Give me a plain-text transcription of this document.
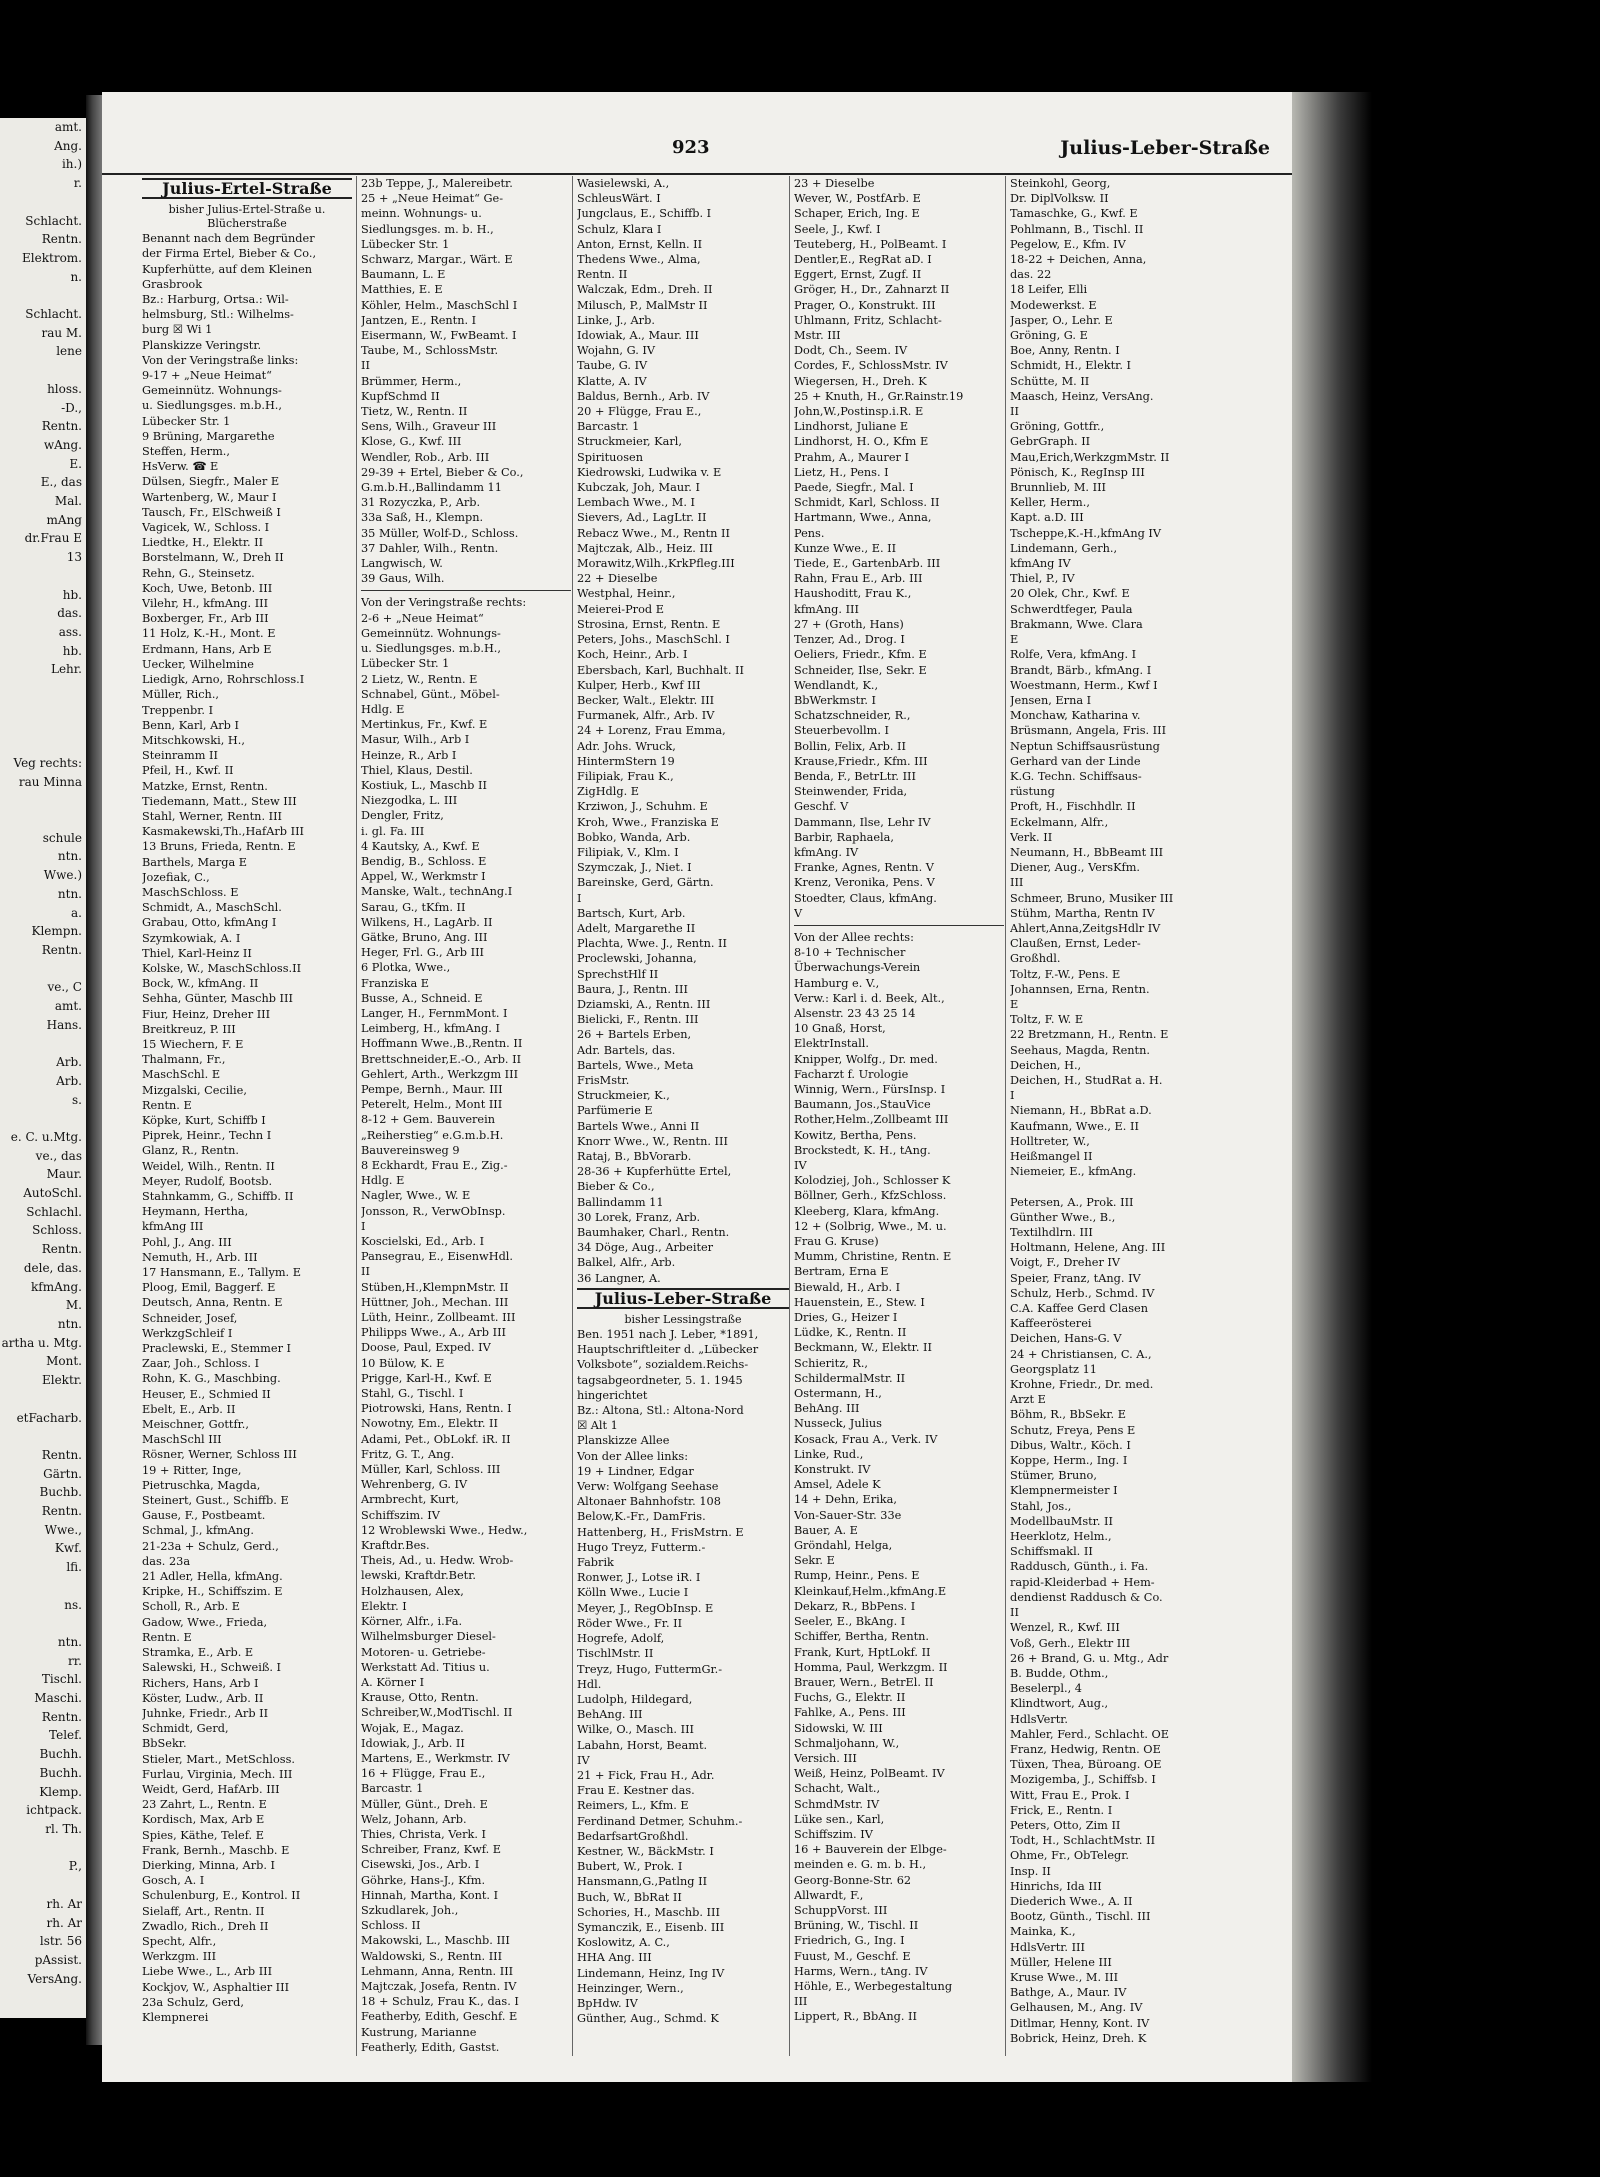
amt.
Ang.
ih.)
r.

Schlacht.
Rentn.
Elektrom.
n.

Schlacht.
rau M.
lene

hloss.
-D.,
Rentn.
wAng.
E.
E., das
Mal.
mAng
dr.Frau E
13

hb.
das.
ass.
hb.
Lehr.

Veg rechts:
rau Minna

schule
ntn.
Wwe.)
ntn.
a.
Klempn.
Rentn.

ve., C
amt.
Hans.

Arb.
Arb.
s.

e. C. u.Mtg.
ve., das
Maur.
AutoSchl.
Schlachl.
Schloss.
Rentn.
dele, das.
kfmAng.
M.
ntn.
artha u. Mtg.
Mont.
Elektr.

etFacharb.

Rentn.
Gärtn.
Buchb.
Rentn.
Wwe.,
Kwf.
lfi.

ns.

ntn.
rr.
Tischl.
Maschi.
Rentn.
Telef.
Buchh.
Buchh.
Klemp.
ichtpack.
rl. Th.

P.,

rh. Ar
rh. Ar
lstr. 56
pAssist.
VersAng.
923	Julius-Leber-Straße
Julius-Ertel-Straße
bisher Julius-Ertel-Straße u.
Blücherstraße
Benannt nach dem Begründer
der Firma Ertel, Bieber & Co.,
Kupferhütte, auf dem Kleinen
Grasbrook
Bz.: Harburg, Ortsa.: Wil-
helmsburg, Stl.: Wilhelms-
burg ☒ Wi 1
Planskizze Veringstr.
Von der Veringstraße links:
9-17 + „Neue Heimat“
Gemeinnütz. Wohnungs-
u. Siedlungsges. m.b.H.,
Lübecker Str. 1
9 Brüning, Margarethe
Steffen, Herm.,
HsVerw. ☎ E
Dülsen, Siegfr., Maler E
Wartenberg, W., Maur I
Tausch, Fr., ElSchweiß I
Vagicek, W., Schloss. I
Liedtke, H., Elektr. II
Borstelmann, W., Dreh II
Rehn, G., Steinsetz.
Koch, Uwe, Betonb. III
Vilehr, H., kfmAng. III
Boxberger, Fr., Arb III
11 Holz, K.-H., Mont. E
Erdmann, Hans, Arb E
Uecker, Wilhelmine
Liedigk, Arno, Rohrschloss.I
Müller, Rich.,
Treppenbr. I
Benn, Karl, Arb I
Mitschkowski, H.,
Steinramm II
Pfeil, H., Kwf. II
Matzke, Ernst, Rentn.
Tiedemann, Matt., Stew III
Stahl, Werner, Rentn. III
Kasmakewski,Th.,HafArb III
13 Bruns, Frieda, Rentn. E
Barthels, Marga E
Jozefiak, C.,
MaschSchloss. E
Schmidt, A., MaschSchl.
Grabau, Otto, kfmAng I
Szymkowiak, A. I
Thiel, Karl-Heinz II
Kolske, W., MaschSchloss.II
Bock, W., kfmAng. II
Sehha, Günter, Maschb III
Fiur, Heinz, Dreher III
Breitkreuz, P. III
15 Wiechern, F. E
Thalmann, Fr.,
MaschSchl. E
Mizgalski, Cecilie,
Rentn. E
Köpke, Kurt, Schiffb I
Piprek, Heinr., Techn I
Glanz, R., Rentn.
Weidel, Wilh., Rentn. II
Meyer, Rudolf, Bootsb.
Stahnkamm, G., Schiffb. II
Heymann, Hertha,
kfmAng III
Pohl, J., Ang. III
Nemuth, H., Arb. III
17 Hansmann, E., Tallym. E
Ploog, Emil, Baggerf. E
Deutsch, Anna, Rentn. E
Schneider, Josef,
WerkzgSchleif I
Praclewski, E., Stemmer I
Zaar, Joh., Schloss. I
Rohn, K. G., Maschbing.
Heuser, E., Schmied II
Ebelt, E., Arb. II
Meischner, Gottfr.,
MaschSchl III
Rösner, Werner, Schloss III
19 + Ritter, Inge,
Pietruschka, Magda,
Steinert, Gust., Schiffb. E
Gause, F., Postbeamt.
Schmal, J., kfmAng.
21-23a + Schulz, Gerd.,
das. 23a
21 Adler, Hella, kfmAng.
Kripke, H., Schiffszim. E
Scholl, R., Arb. E
Gadow, Wwe., Frieda,
Rentn. E
Stramka, E., Arb. E
Salewski, H., Schweiß. I
Richers, Hans, Arb I
Köster, Ludw., Arb. II
Juhnke, Friedr., Arb II
Schmidt, Gerd,
BbSekr.
Stieler, Mart., MetSchloss.
Furlau, Virginia, Mech. III
Weidt, Gerd, HafArb. III
23 Zahrt, L., Rentn. E
Kordisch, Max, Arb E
Spies, Käthe, Telef. E
Frank, Bernh., Maschb. E
Dierking, Minna, Arb. I
Gosch, A. I
Schulenburg, E., Kontrol. II
Sielaff, Art., Rentn. II
Zwadlo, Rich., Dreh II
Specht, Alfr.,
Werkzgm. III
Liebe Wwe., L., Arb III
Kockjov, W., Asphaltier III
23a Schulz, Gerd,
Klempnerei
23b Teppe, J., Malereibetr.
25 + „Neue Heimat“ Ge-
meinn. Wohnungs- u.
Siedlungsges. m. b. H.,
Lübecker Str. 1
Schwarz, Margar., Wärt. E
Baumann, L. E
Matthies, E. E
Köhler, Helm., MaschSchl I
Jantzen, E., Rentn. I
Eisermann, W., FwBeamt. I
Taube, M., SchlossMstr.
II
Brümmer, Herm.,
KupfSchmd II
Tietz, W., Rentn. II
Sens, Wilh., Graveur III
Klose, G., Kwf. III
Wendler, Rob., Arb. III
29-39 + Ertel, Bieber & Co.,
G.m.b.H.,Ballindamm 11
31 Rozyczka, P., Arb.
33a Saß, H., Klempn.
35 Müller, Wolf-D., Schloss.
37 Dahler, Wilh., Rentn.
Langwisch, W.
39 Gaus, Wilh.
Von der Veringstraße rechts:
2-6 + „Neue Heimat“
Gemeinnütz. Wohnungs-
u. Siedlungsges. m.b.H.,
Lübecker Str. 1
2 Lietz, W., Rentn. E
Schnabel, Günt., Möbel-
Hdlg. E
Mertinkus, Fr., Kwf. E
Masur, Wilh., Arb I
Heinze, R., Arb I
Thiel, Klaus, Destil.
Kostiuk, L., Maschb II
Niezgodka, L. III
Dengler, Fritz,
i. gl. Fa. III
4 Kautsky, A., Kwf. E
Bendig, B., Schloss. E
Appel, W., Werkmstr I
Manske, Walt., technAng.I
Sarau, G., tKfm. II
Wilkens, H., LagArb. II
Gätke, Bruno, Ang. III
Heger, Frl. G., Arb III
6 Plotka, Wwe.,
Franziska E
Busse, A., Schneid. E
Langer, H., FernmMont. I
Leimberg, H., kfmAng. I
Hoffmann Wwe.,B.,Rentn. II
Brettschneider,E.-O., Arb. II
Gehlert, Arth., Werkzgm III
Pempe, Bernh., Maur. III
Peterelt, Helm., Mont III
8-12 + Gem. Bauverein
„Reiherstieg“ e.G.m.b.H.
Bauvereinsweg 9
8 Eckhardt, Frau E., Zig.-
Hdlg. E
Nagler, Wwe., W. E
Jonsson, R., VerwObInsp.
I
Koscielski, Ed., Arb. I
Pansegrau, E., EisenwHdl.
II
Stüben,H.,KlempnMstr. II
Hüttner, Joh., Mechan. III
Lüth, Heinr., Zollbeamt. III
Philipps Wwe., A., Arb III
Doose, Paul, Exped. IV
10 Bülow, K. E
Prigge, Karl-H., Kwf. E
Stahl, G., Tischl. I
Piotrowski, Hans, Rentn. I
Nowotny, Em., Elektr. II
Adami, Pet., ObLokf. iR. II
Fritz, G. T., Ang.
Müller, Karl, Schloss. III
Wehrenberg, G. IV
Armbrecht, Kurt,
Schiffszim. IV
12 Wroblewski Wwe., Hedw.,
Kraftdr.Bes.
Theis, Ad., u. Hedw. Wrob-
lewski, Kraftdr.Betr.
Holzhausen, Alex,
Elektr. I
Körner, Alfr., i.Fa.
Wilhelmsburger Diesel-
Motoren- u. Getriebe-
Werkstatt Ad. Titius u.
A. Körner I
Krause, Otto, Rentn.
Schreiber,W.,ModTischl. II
Wojak, E., Magaz.
Idowiak, J., Arb. II
Martens, E., Werkmstr. IV
16 + Flügge, Frau E.,
Barcastr. 1
Müller, Günt., Dreh. E
Welz, Johann, Arb.
Thies, Christa, Verk. I
Schreiber, Franz, Kwf. E
Cisewski, Jos., Arb. I
Göhrke, Hans-J., Kfm.
Hinnah, Martha, Kont. I
Szkudlarek, Joh.,
Schloss. II
Makowski, L., Maschb. III
Waldowski, S., Rentn. III
Lehmann, Anna, Rentn. III
Majtczak, Josefa, Rentn. IV
18 + Schulz, Frau K., das. I
Featherby, Edith, Geschf. E
Kustrung, Marianne
Featherly, Edith, Gastst.
Wasielewski, A.,
SchleusWärt. I
Jungclaus, E., Schiffb. I
Schulz, Klara I
Anton, Ernst, Kelln. II
Thedens Wwe., Alma,
Rentn. II
Walczak, Edm., Dreh. II
Milusch, P., MalMstr II
Linke, J., Arb.
Idowiak, A., Maur. III
Wojahn, G. IV
Taube, G. IV
Klatte, A. IV
Baldus, Bernh., Arb. IV
20 + Flügge, Frau E.,
Barcastr. 1
Struckmeier, Karl,
Spirituosen
Kiedrowski, Ludwika v. E
Kubczak, Joh, Maur. I
Lembach Wwe., M. I
Sievers, Ad., LagLtr. II
Rebacz Wwe., M., Rentn II
Majtczak, Alb., Heiz. III
Morawitz,Wilh.,KrkPfleg.III
22 + Dieselbe
Westphal, Heinr.,
Meierei-Prod E
Strosina, Ernst, Rentn. E
Peters, Johs., MaschSchl. I
Koch, Heinr., Arb. I
Ebersbach, Karl, Buchhalt. II
Kulper, Herb., Kwf III
Becker, Walt., Elektr. III
Furmanek, Alfr., Arb. IV
24 + Lorenz, Frau Emma,
Adr. Johs. Wruck,
HintermStern 19
Filipiak, Frau K.,
ZigHdlg. E
Krziwon, J., Schuhm. E
Kroh, Wwe., Franziska E
Bobko, Wanda, Arb.
Filipiak, V., Klm. I
Szymczak, J., Niet. I
Bareinske, Gerd, Gärtn.
I
Bartsch, Kurt, Arb.
Adelt, Margarethe II
Plachta, Wwe. J., Rentn. II
Proclewski, Johanna,
SprechstHlf II
Baura, J., Rentn. III
Dziamski, A., Rentn. III
Bielicki, F., Rentn. III
26 + Bartels Erben,
Adr. Bartels, das.
Bartels, Wwe., Meta
FrisMstr.
Struckmeier, K.,
Parfümerie E
Bartels Wwe., Anni II
Knorr Wwe., W., Rentn. III
Rataj, B., BbVorarb.
28-36 + Kupferhütte Ertel,
Bieber & Co.,
Ballindamm 11
30 Lorek, Franz, Arb.
Baumhaker, Charl., Rentn.
34 Döge, Aug., Arbeiter
Balkel, Alfr., Arb.
36 Langner, A.
Julius-Leber-Straße
bisher Lessingstraße
Ben. 1951 nach J. Leber, *1891,
Hauptschriftleiter d. „Lübecker
Volksbote“, sozialdem.Reichs-
tagsabgeordneter, 5. 1. 1945
hingerichtet
Bz.: Altona, Stl.: Altona-Nord
☒ Alt 1
Planskizze Allee
Von der Allee links:
19 + Lindner, Edgar
Verw: Wolfgang Seehase
Altonaer Bahnhofstr. 108
Below,K.-Fr., DamFris.
Hattenberg, H., FrisMstrn. E
Hugo Treyz, Futterm.-
Fabrik
Ronwer, J., Lotse iR. I
Kölln Wwe., Lucie I
Meyer, J., RegObInsp. E
Röder Wwe., Fr. II
Hogrefe, Adolf,
TischlMstr. II
Treyz, Hugo, FuttermGr.-
Hdl.
Ludolph, Hildegard,
BehAng. III
Wilke, O., Masch. III
Labahn, Horst, Beamt.
IV
21 + Fick, Frau H., Adr.
Frau E. Kestner das.
Reimers, L., Kfm. E
Ferdinand Detmer, Schuhm.-
BedarfsartGroßhdl.
Kestner, W., BäckMstr. I
Bubert, W., Prok. I
Hansmann,G.,Patlng II
Buch, W., BbRat II
Schories, H., Maschb. III
Symanczik, E., Eisenb. III
Koslowitz, A. C.,
HHA Ang. III
Lindemann, Heinz, Ing IV
Heinzinger, Wern.,
BpHdw. IV
Günther, Aug., Schmd. K
23 + Dieselbe
Wever, W., PostfArb. E
Schaper, Erich, Ing. E
Seele, J., Kwf. I
Teuteberg, H., PolBeamt. I
Dentler,E., RegRat aD. I
Eggert, Ernst, Zugf. II
Gröger, H., Dr., Zahnarzt II
Prager, O., Konstrukt. III
Uhlmann, Fritz, Schlacht-
Mstr. III
Dodt, Ch., Seem. IV
Cordes, F., SchlossMstr. IV
Wiegersen, H., Dreh. K
25 + Knuth, H., Gr.Rainstr.19
John,W.,Postinsp.i.R. E
Lindhorst, Juliane E
Lindhorst, H. O., Kfm E
Prahm, A., Maurer I
Lietz, H., Pens. I
Paede, Siegfr., Mal. I
Schmidt, Karl, Schloss. II
Hartmann, Wwe., Anna,
Pens.
Kunze Wwe., E. II
Tiede, E., GartenbArb. III
Rahn, Frau E., Arb. III
Haushoditt, Frau K.,
kfmAng. III
27 + (Groth, Hans)
Tenzer, Ad., Drog. I
Oeliers, Friedr., Kfm. E
Schneider, Ilse, Sekr. E
Wendlandt, K.,
BbWerkmstr. I
Schatzschneider, R.,
Steuerbevollm. I
Bollin, Felix, Arb. II
Krause,Friedr., Kfm. III
Benda, F., BetrLtr. III
Steinwender, Frida,
Geschf. V
Dammann, Ilse, Lehr IV
Barbir, Raphaela,
kfmAng. IV
Franke, Agnes, Rentn. V
Krenz, Veronika, Pens. V
Stoedter, Claus, kfmAng.
V
Von der Allee rechts:
8-10 + Technischer
Überwachungs-Verein
Hamburg e. V.,
Verw.: Karl i. d. Beek, Alt.,
Alsenstr. 23 43 25 14
10 Gnaß, Horst,
ElektrInstall.
Knipper, Wolfg., Dr. med.
Facharzt f. Urologie
Winnig, Wern., FürsInsp. I
Baumann, Jos.,StauVice
Rother,Helm.,Zollbeamt III
Kowitz, Bertha, Pens.
Brockstedt, K. H., tAng.
IV
Kolodziej, Joh., Schlosser K
Böllner, Gerh., KfzSchloss.
Kleeberg, Klara, kfmAng.
12 + (Solbrig, Wwe., M. u.
Frau G. Kruse)
Mumm, Christine, Rentn. E
Bertram, Erna E
Biewald, H., Arb. I
Hauenstein, E., Stew. I
Dries, G., Heizer I
Lüdke, K., Rentn. II
Beckmann, W., Elektr. II
Schieritz, R.,
SchildermalMstr. II
Ostermann, H.,
BehAng. III
Nusseck, Julius
Kosack, Frau A., Verk. IV
Linke, Rud.,
Konstrukt. IV
Amsel, Adele K
14 + Dehn, Erika,
Von-Sauer-Str. 33e
Bauer, A. E
Gröndahl, Helga,
Sekr. E
Rump, Heinr., Pens. E
Kleinkauf,Helm.,kfmAng.E
Dekarz, R., BbPens. I
Seeler, E., BkAng. I
Schiffer, Bertha, Rentn.
Frank, Kurt, HptLokf. II
Homma, Paul, Werkzgm. II
Brauer, Wern., BetrEl. II
Fuchs, G., Elektr. II
Fahlke, A., Pens. III
Sidowski, W. III
Schmaljohann, W.,
Versich. III
Weiß, Heinz, PolBeamt. IV
Schacht, Walt.,
SchmdMstr. IV
Lüke sen., Karl,
Schiffszim. IV
16 + Bauverein der Elbge-
meinden e. G. m. b. H.,
Georg-Bonne-Str. 62
Allwardt, F.,
SchuppVorst. III
Brüning, W., Tischl. II
Friedrich, G., Ing. I
Fuust, M., Geschf. E
Harms, Wern., tAng. IV
Höhle, E., Werbegestaltung
III
Lippert, R., BbAng. II
Steinkohl, Georg,
Dr. DiplVolksw. II
Tamaschke, G., Kwf. E
Pohlmann, B., Tischl. II
Pegelow, E., Kfm. IV
18-22 + Deichen, Anna,
das. 22
18 Leifer, Elli
Modewerkst. E
Jasper, O., Lehr. E
Gröning, G. E
Boe, Anny, Rentn. I
Schmidt, H., Elektr. I
Schütte, M. II
Maasch, Heinz, VersAng.
II
Gröning, Gottfr.,
GebrGraph. II
Mau,Erich,WerkzgmMstr. II
Pönisch, K., RegInsp III
Brunnlieb, M. III
Keller, Herm.,
Kapt. a.D. III
Tscheppe,K.-H.,kfmAng IV
Lindemann, Gerh.,
kfmAng IV
Thiel, P., IV
20 Olek, Chr., Kwf. E
Schwerdtfeger, Paula
Brakmann, Wwe. Clara
E
Rolfe, Vera, kfmAng. I
Brandt, Bärb., kfmAng. I
Woestmann, Herm., Kwf I
Jensen, Erna I
Monchaw, Katharina v.
Brüsmann, Angela, Fris. III
Neptun Schiffsausrüstung
Gerhard van der Linde
K.G. Techn. Schiffsaus-
rüstung
Proft, H., Fischhdlr. II
Eckelmann, Alfr.,
Verk. II
Neumann, H., BbBeamt III
Diener, Aug., VersKfm.
III
Schmeer, Bruno, Musiker III
Stühm, Martha, Rentn IV
Ahlert,Anna,ZeitgsHdlr IV
Claußen, Ernst, Leder-
Großhdl.
Toltz, F.-W., Pens. E
Johannsen, Erna, Rentn.
E
Toltz, F. W. E
22 Bretzmann, H., Rentn. E
Seehaus, Magda, Rentn.
Deichen, H.,
Deichen, H., StudRat a. H.
I
Niemann, H., BbRat a.D.
Kaufmann, Wwe., E. II
Holltreter, W.,
Heißmangel II
Niemeier, E., kfmAng.

Petersen, A., Prok. III
Günther Wwe., B.,
Textilhdlrn. III
Holtmann, Helene, Ang. III
Voigt, F., Dreher IV
Speier, Franz, tAng. IV
Schulz, Herb., Schmd. IV
C.A. Kaffee Gerd Clasen
Kaffeerösterei
Deichen, Hans-G. V
24 + Christiansen, C. A.,
Georgsplatz 11
Krohne, Friedr., Dr. med.
Arzt E
Böhm, R., BbSekr. E
Schutz, Freya, Pens E
Dibus, Waltr., Köch. I
Koppe, Herm., Ing. I
Stümer, Bruno,
Klempnermeister I
Stahl, Jos.,
ModellbauMstr. II
Heerklotz, Helm.,
Schiffsmakl. II
Raddusch, Günth., i. Fa.
rapid-Kleiderbad + Hem-
dendienst Raddusch & Co.
II
Wenzel, R., Kwf. III
Voß, Gerh., Elektr III
26 + Brand, G. u. Mtg., Adr
B. Budde, Othm.,
Beselerpl., 4
Klindtwort, Aug.,
HdlsVertr.
Mahler, Ferd., Schlacht. OE
Franz, Hedwig, Rentn. OE
Tüxen, Thea, Büroang. OE
Mozigemba, J., Schiffsb. I
Witt, Frau E., Prok. I
Frick, E., Rentn. I
Peters, Otto, Zim II
Todt, H., SchlachtMstr. II
Ohme, Fr., ObTelegr.
Insp. II
Hinrichs, Ida III
Diederich Wwe., A. II
Bootz, Günth., Tischl. III
Mainka, K.,
HdlsVertr. III
Müller, Helene III
Kruse Wwe., M. III
Bathge, A., Maur. IV
Gelhausen, M., Ang. IV
Ditlmar, Henny, Kont. IV
Bobrick, Heinz, Dreh. K
